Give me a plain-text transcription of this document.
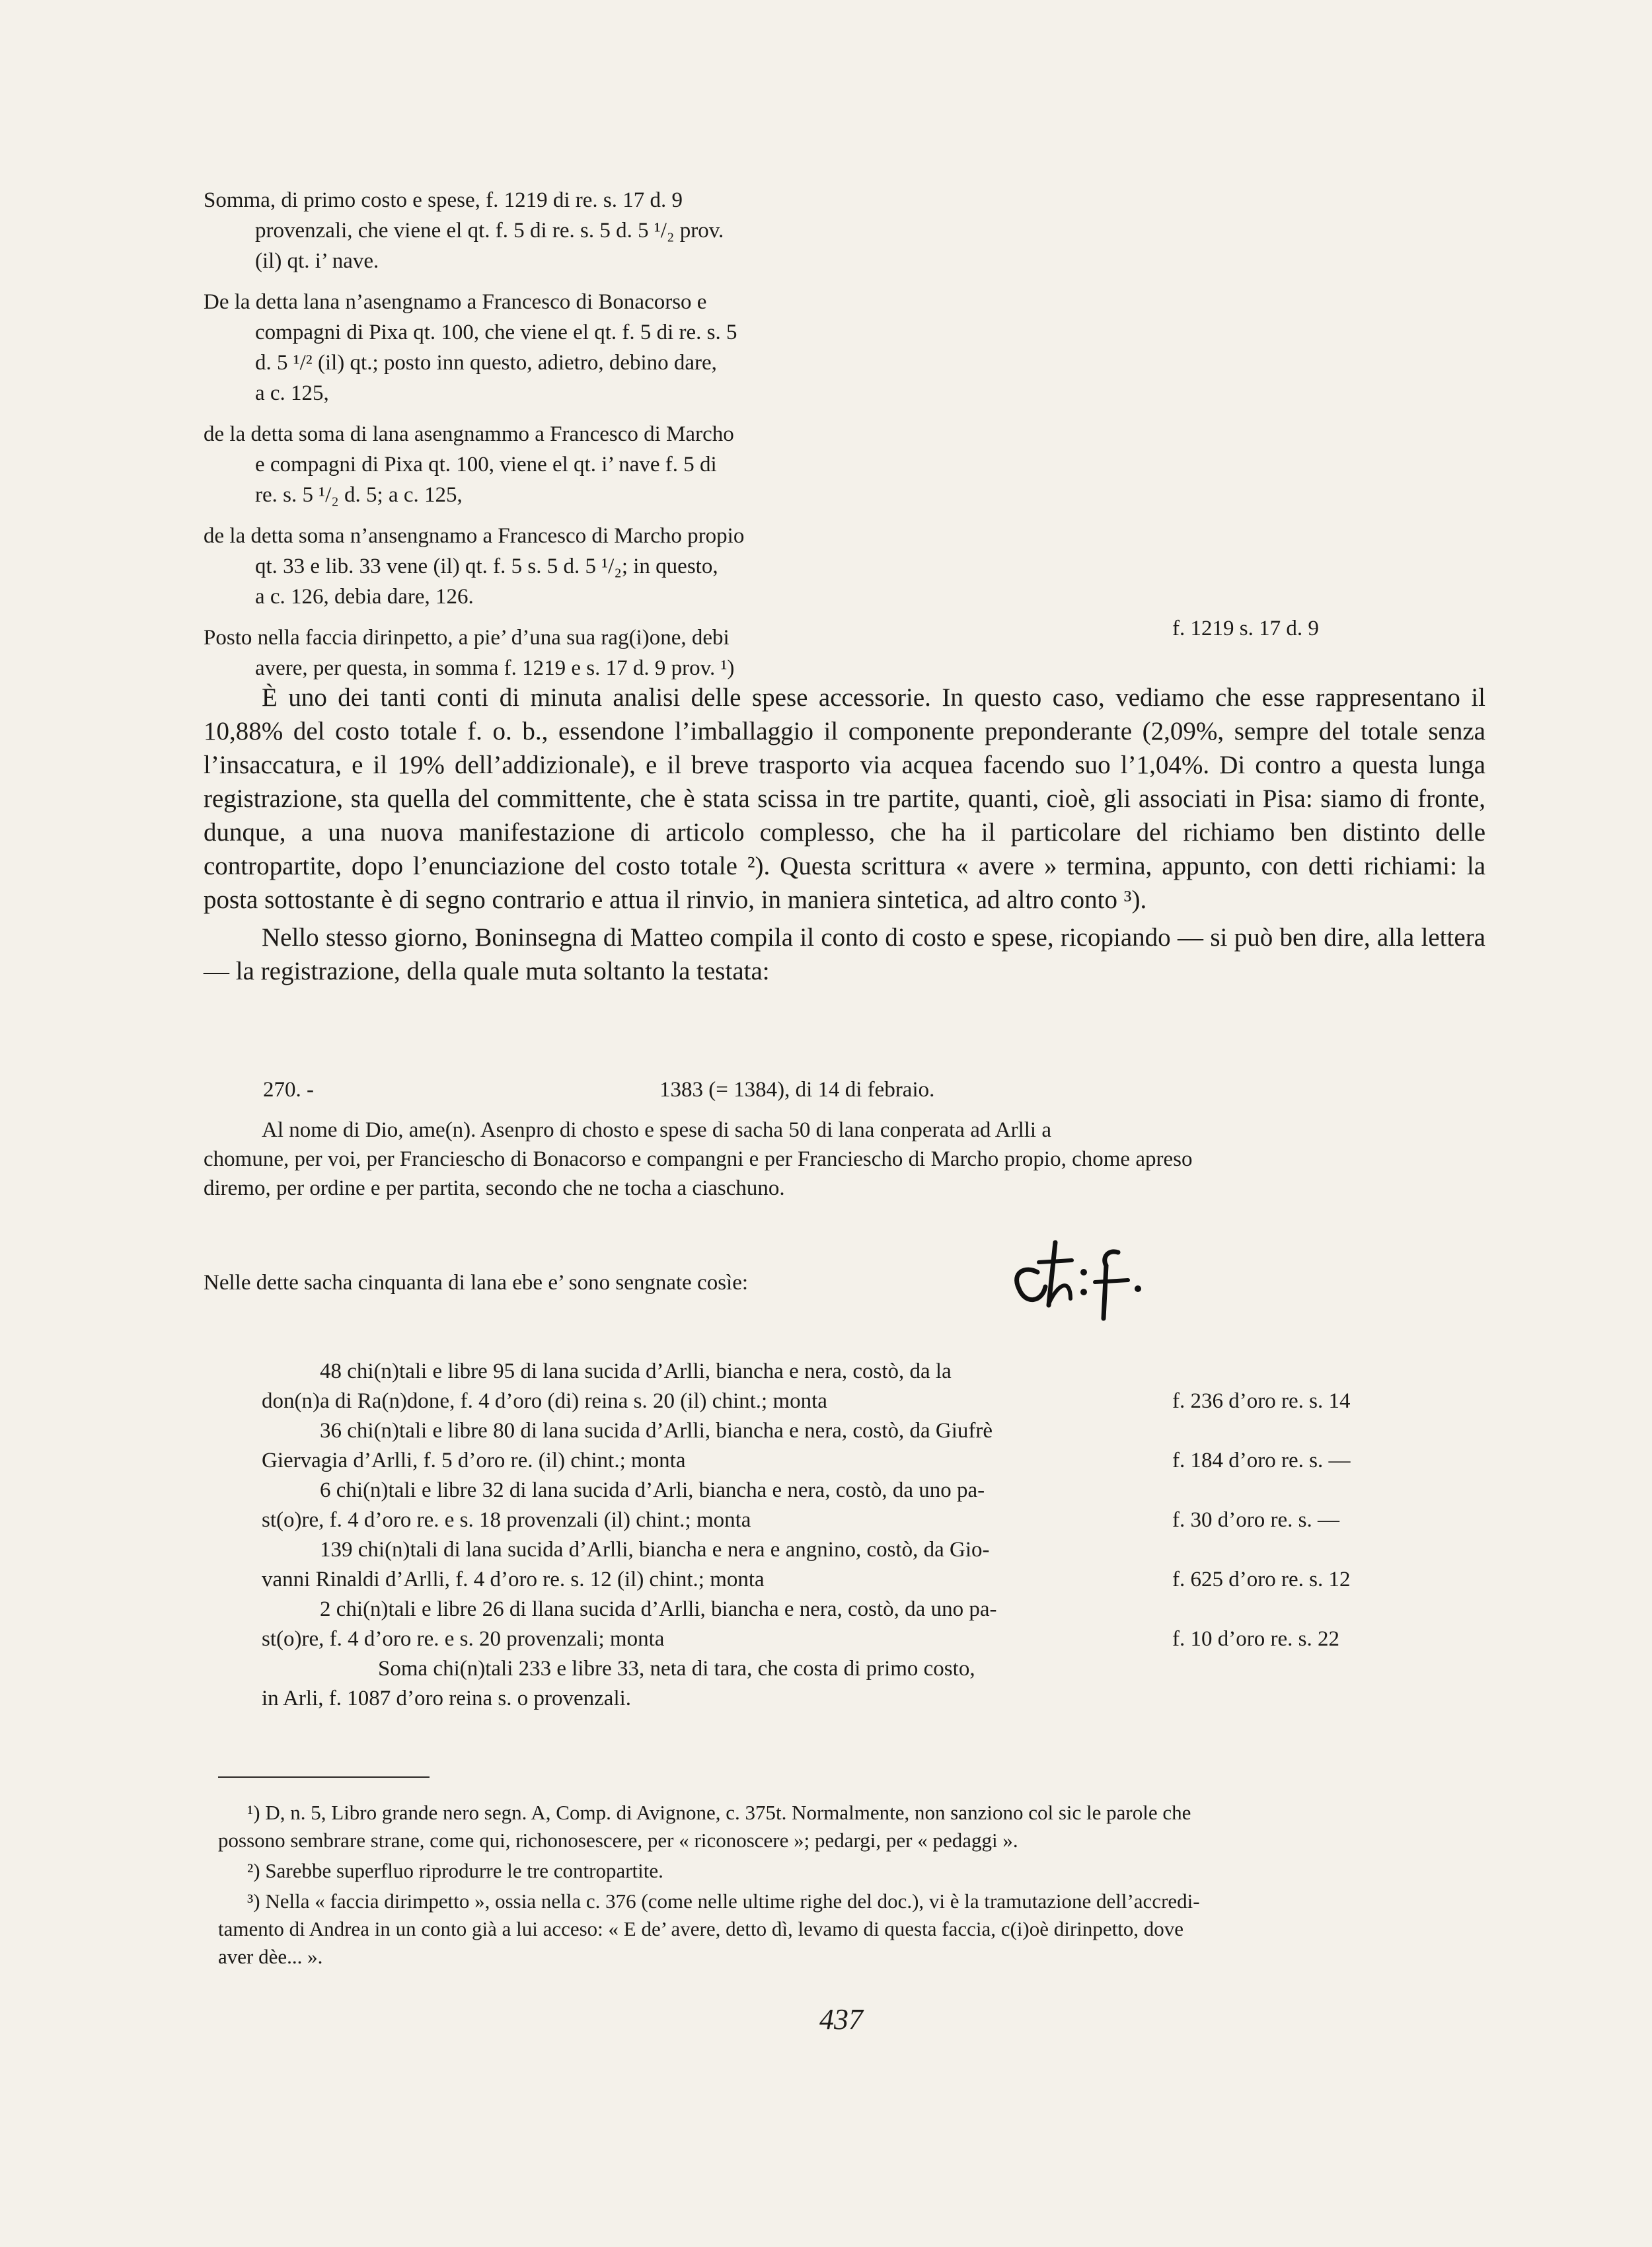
Somma, di primo costo e spese, f. 1219 di re. s. 17 d. 9
provenzali, che viene el qt. f. 5 di re. s. 5 d. 5 ¹/₂ prov.
(il) qt. i’ nave.
De la detta lana n’asengnamo a Francesco di Bonacorso e
compagni di Pixa qt. 100, che viene el qt. f. 5 di re. s. 5
d. 5 ¹/² (il) qt.; posto inn questo, adietro, debino dare,
a c. 125,
de la detta soma di lana asengnammo a Francesco di Marcho
e compagni di Pixa qt. 100, viene el qt. i’ nave f. 5 di
re. s. 5 ¹/₂ d. 5; a c. 125,
de la detta soma n’ansengnamo a Francesco di Marcho propio
qt. 33 e lib. 33 vene (il) qt. f. 5 s. 5 d. 5 ¹/₂; in questo,
a c. 126, debia dare, 126.
Posto nella faccia dirinpetto, a pie’ d’una sua rag(i)one, debi
avere, per questa, in somma f. 1219 e s. 17 d. 9 prov. ¹)
f. 1219 s. 17 d. 9

È uno dei tanti conti di minuta analisi delle spese accessorie. In questo caso, vediamo che esse rappresentano il 10,88% del costo totale f. o. b., essendone l’imballaggio il componente preponderante (2,09%, sempre del totale senza l’insaccatura, e il 19% dell’addizionale), e il breve trasporto via acquea facendo suo l’1,04%. Di contro a questa lunga registrazione, sta quella del committente, che è stata scissa in tre partite, quanti, cioè, gli associati in Pisa: siamo di fronte, dunque, a una nuova manifestazione di articolo complesso, che ha il particolare del richiamo ben distinto delle contropartite, dopo l’enunciazione del costo totale ²). Questa scrittura « avere » termina, appunto, con detti richiami: la posta sottostante è di segno contrario e attua il rinvio, in maniera sintetica, ad altro conto ³).

Nello stesso giorno, Boninsegna di Matteo compila il conto di costo e spese, ricopiando — si può ben dire, alla lettera — la registrazione, della quale muta soltanto la testata:

270. -	1383 (= 1384), di 14 di febraio.
Al nome di Dio, ame(n). Asenpro di chosto e spese di sacha 50 di lana conperata ad Arlli a
chomune, per voi, per Franciescho di Bonacorso e compangni e per Franciescho di Marcho propio, chome apreso
diremo, per ordine e per partita, secondo che ne tocha a ciaschuno.
Nelle dette sacha cinquanta di lana ebe e’ sono sengnate cosìe:
48 chi(n)tali e libre 95 di lana sucida d’Arlli, biancha e nera, costò, da la
don(n)a di Ra(n)done, f. 4 d’oro (di) reina s. 20 (il) chint.; monta	f. 236 d’oro re. s. 14
36 chi(n)tali e libre 80 di lana sucida d’Arlli, biancha e nera, costò, da Giufrè
Giervagia d’Arlli, f. 5 d’oro re. (il) chint.; monta	f. 184 d’oro re. s. —
6 chi(n)tali e libre 32 di lana sucida d’Arli, biancha e nera, costò, da uno pa-
st(o)re, f. 4 d’oro re. e s. 18 provenzali (il) chint.; monta	f. 30 d’oro re. s. —
139 chi(n)tali di lana sucida d’Arlli, biancha e nera e angnino, costò, da Gio-
vanni Rinaldi d’Arlli, f. 4 d’oro re. s. 12 (il) chint.; monta	f. 625 d’oro re. s. 12
2 chi(n)tali e libre 26 di llana sucida d’Arlli, biancha e nera, costò, da uno pa-
st(o)re, f. 4 d’oro re. e s. 20 provenzali; monta	f. 10 d’oro re. s. 22
Soma chi(n)tali 233 e libre 33, neta di tara, che costa di primo costo,
in Arli, f. 1087 d’oro reina s. o provenzali.
¹) D, n. 5, Libro grande nero segn. A, Comp. di Avignone, c. 375t. Normalmente, non sanziono col sic le parole che
possono sembrare strane, come qui, richonosescere, per « riconoscere »; pedargi, per « pedaggi ».
²) Sarebbe superfluo riprodurre le tre contropartite.
³) Nella « faccia dirimpetto », ossia nella c. 376 (come nelle ultime righe del doc.), vi è la tramutazione dell’accredi-
tamento di Andrea in un conto già a lui acceso: « E de’ avere, detto dì, levamo di questa faccia, c(i)oè dirinpetto, dove
aver dèe... ».
437
